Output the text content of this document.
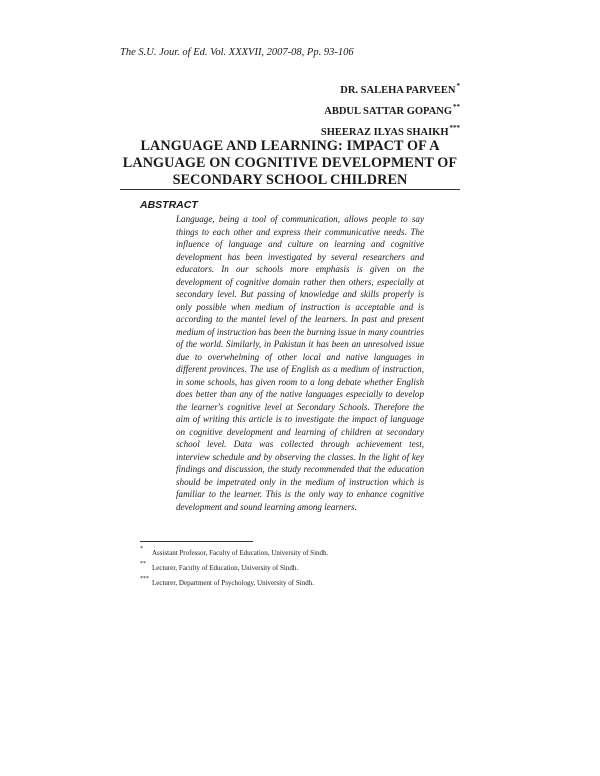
The S.U. Jour. of Ed. Vol. XXXVII, 2007-08, Pp. 93-106
DR. SALEHA PARVEEN*
ABDUL SATTAR GOPANG**
SHEERAZ ILYAS SHAIKH***
LANGUAGE AND LEARNING: IMPACT OF A LANGUAGE ON COGNITIVE DEVELOPMENT OF SECONDARY SCHOOL CHILDREN
ABSTRACT
Language, being a tool of communication, allows people to say things to each other and express their communicative needs. The influence of language and culture on learning and cognitive development has been investigated by several researchers and educators. In our schools more emphasis is given on the development of cognitive domain rather then others, especially at secondary level. But passing of knowledge and skills properly is only possible when medium of instruction is acceptable and is according to the mantel level of the learners. In past and present medium of instruction has been the burning issue in many countries of the world. Similarly, in Pakistan it has been an unresolved issue due to overwhelming of other local and native languages in different provinces. The use of English as a medium of instruction, in some schools, has given room to a long debate whether English does better than any of the native languages especially to develop the learner's cognitive level at Secondary Schools. Therefore the aim of writing this article is to investigate the impact of language on cognitive development and learning of children at secondary school level. Data was collected through achievement test, interview schedule and by observing the classes. In the light of key findings and discussion, the study recommended that the education should be impetrated only in the medium of instruction which is familiar to the learner. This is the only way to enhance cognitive development and sound learning among learners.
* Assistant Professor, Faculty of Education, University of Sindh.
** Lecturer, Faculty of Education, University of Sindh.
*** Lecturer, Department of Psychology, University of Sindh.
